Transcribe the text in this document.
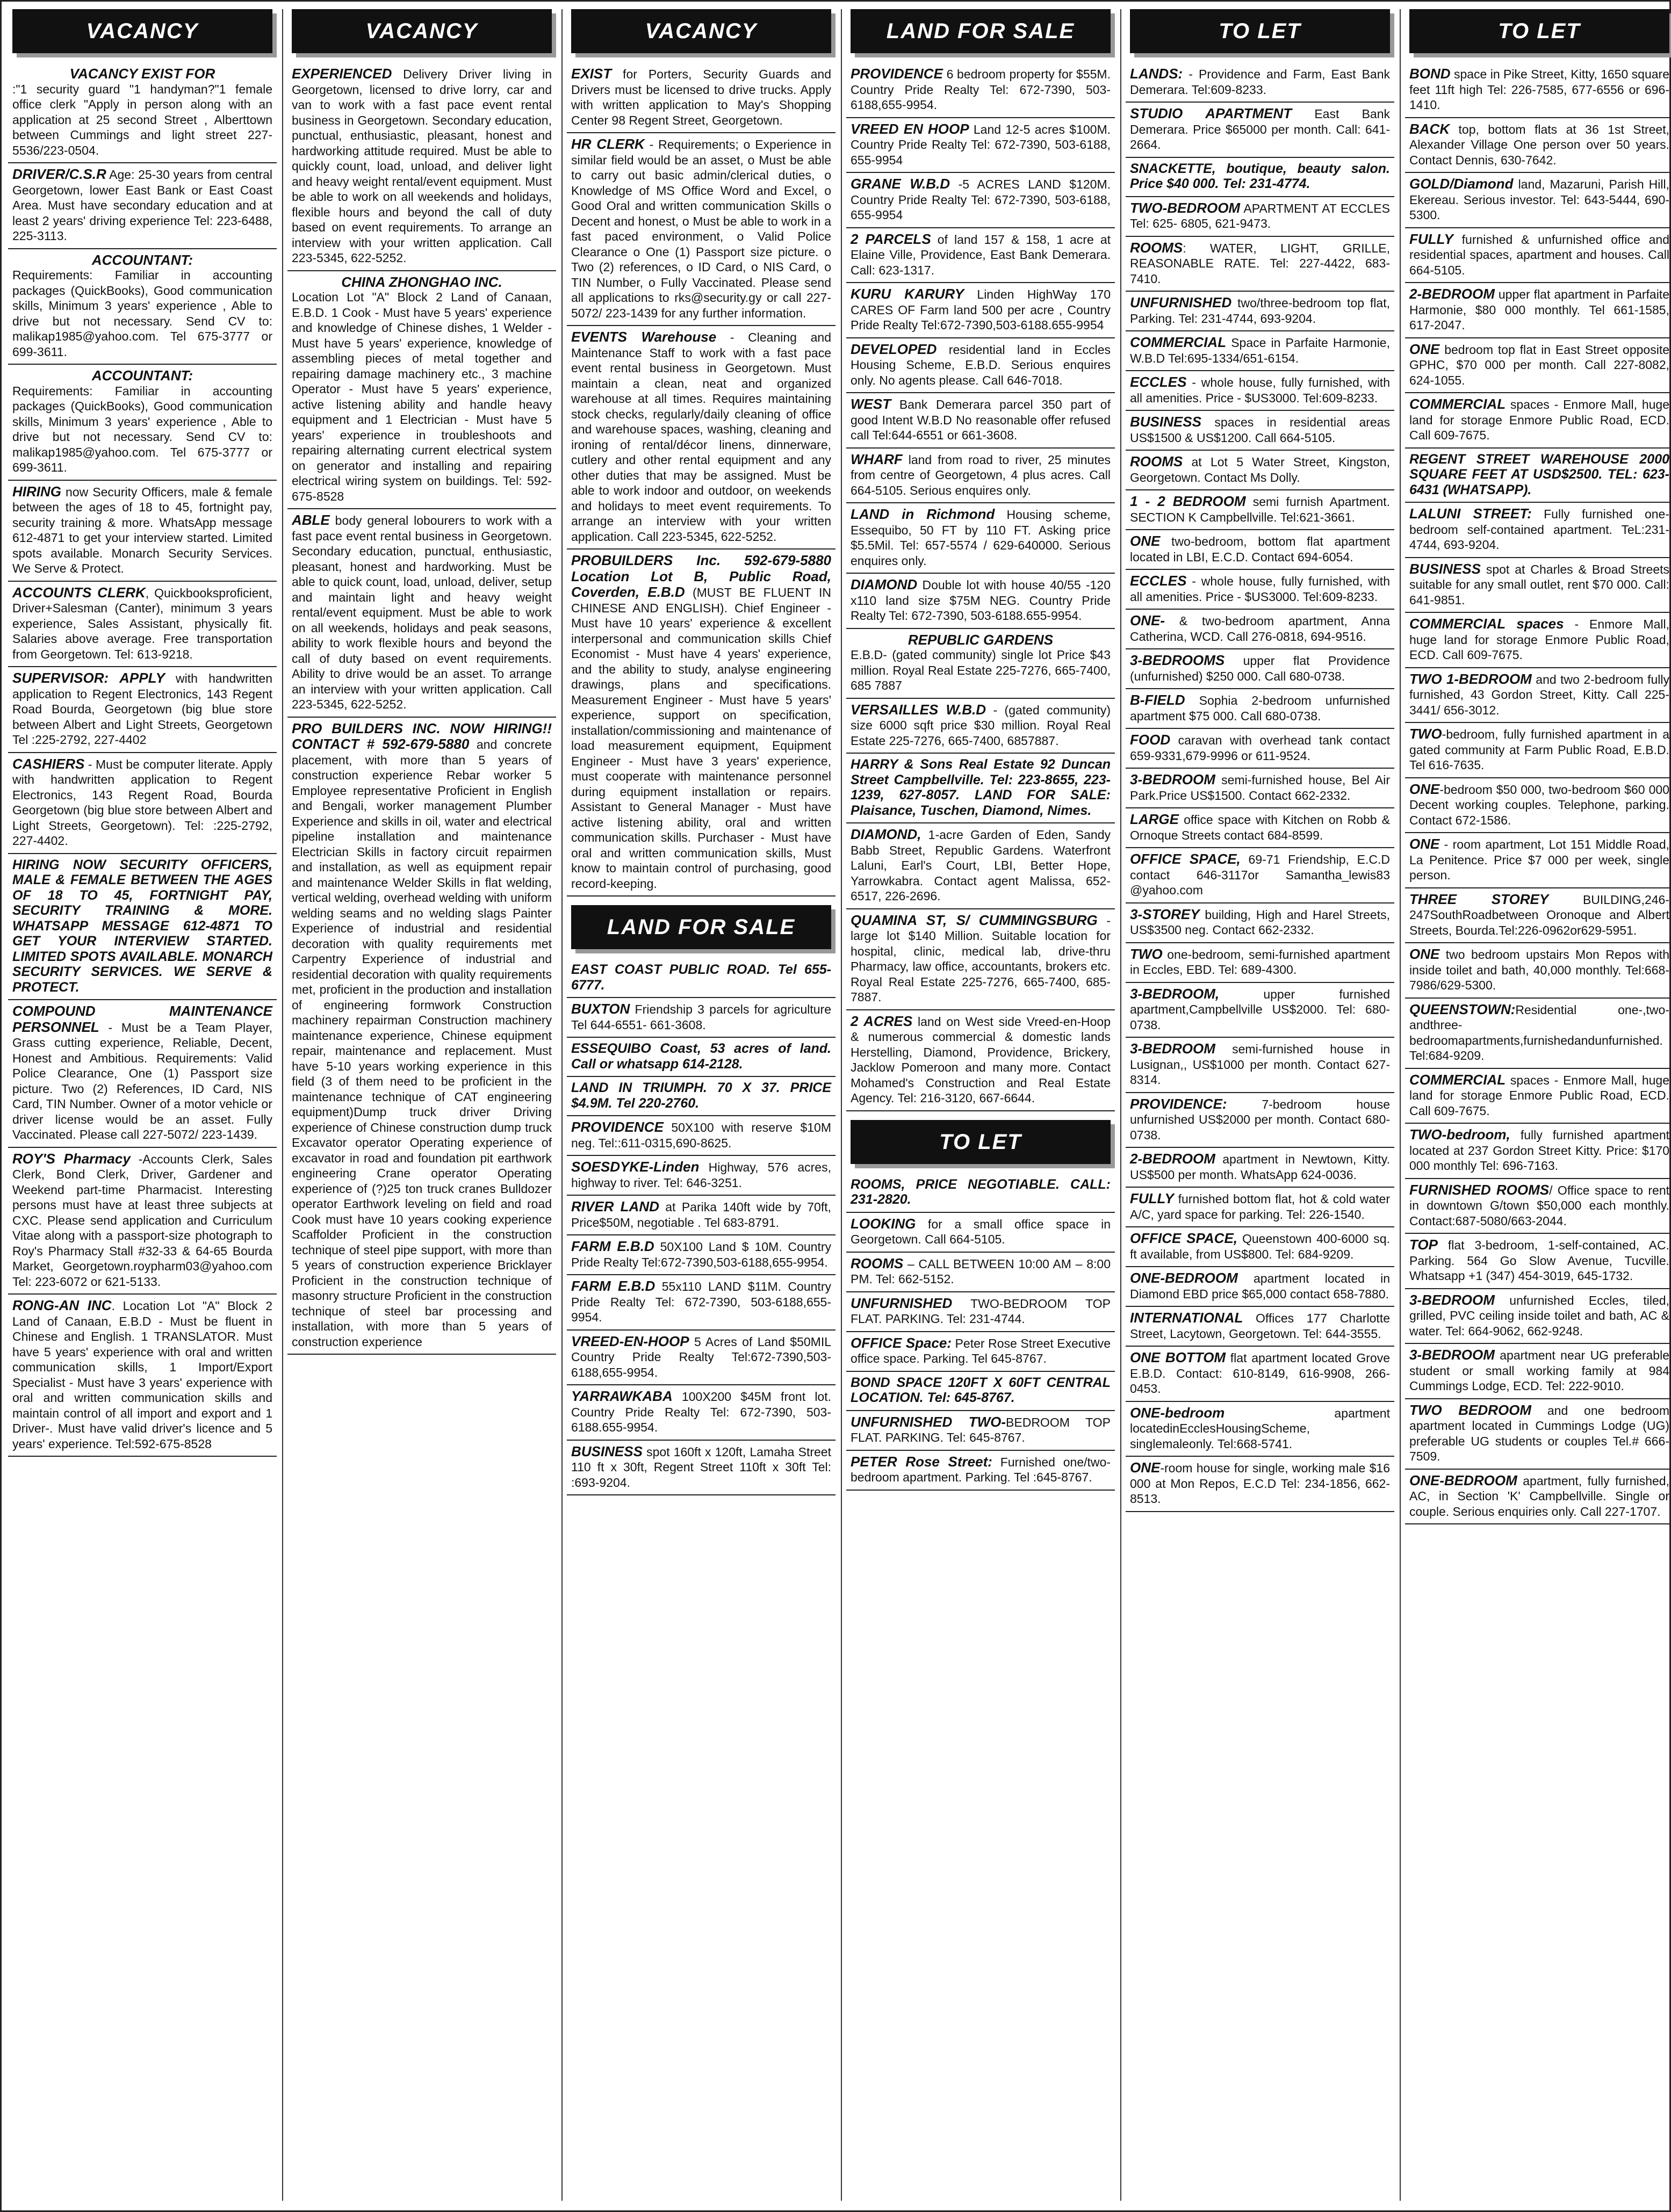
VACANCY
VACANCY EXIST FOR
:"1 security guard "1 handyman?"1 female office clerk "Apply in person along with an application at 25 second Street , Alberttown between Cummings and light street 227-5536/223-0504.
DRIVER/C.S.R Age: 25-30 years from central Georgetown, lower East Bank or East Coast Area. Must have secondary education and at least 2 years' driving experience Tel: 223-6488, 225-3113.
ACCOUNTANT:
Requirements: Familiar in accounting packages (QuickBooks), Good communication skills, Minimum 3 years' experience , Able to drive but not necessary. Send CV to: malikap1985@yahoo.com. Tel 675-3777 or 699-3611.
ACCOUNTANT:
Requirements: Familiar in accounting packages (QuickBooks), Good communication skills, Minimum 3 years' experience , Able to drive but not necessary. Send CV to: malikap1985@yahoo.com. Tel 675-3777 or 699-3611.
HIRING now Security Officers, male & female between the ages of 18 to 45, fortnight pay, security training & more. WhatsApp message 612-4871 to get your interview started. Limited spots available. Monarch Security Services. We Serve & Protect.
ACCOUNTS CLERK, Quickbooksproficient, Driver+Salesman (Canter), minimum 3 years experience, Sales Assistant, physically fit. Salaries above average. Free transportation from Georgetown. Tel: 613-9218.
SUPERVISOR: APPLY with handwritten application to Regent Electronics, 143 Regent Road Bourda, Georgetown (big blue store between Albert and Light Streets, Georgetown Tel :225-2792, 227-4402
CASHIERS - Must be computer literate. Apply with handwritten application to Regent Electronics, 143 Regent Road, Bourda Georgetown (big blue store between Albert and Light Streets, Georgetown). Tel: :225-2792, 227-4402.
HIRING NOW SECURITY OFFICERS, MALE & FEMALE BETWEEN THE AGES OF 18 TO 45, FORTNIGHT PAY, SECURITY TRAINING & MORE. WHATSAPP MESSAGE 612-4871 TO GET YOUR INTERVIEW STARTED. LIMITED SPOTS AVAILABLE. MONARCH SECURITY SERVICES. WE SERVE & PROTECT.
COMPOUND MAINTENANCE PERSONNEL - Must be a Team Player, Grass cutting experience, Reliable, Decent, Honest and Ambitious. Requirements: Valid Police Clearance, One (1) Passport size picture. Two (2) References, ID Card, NIS Card, TIN Number. Owner of a motor vehicle or driver license would be an asset. Fully Vaccinated. Please call 227-5072/ 223-1439.
ROY'S Pharmacy -Accounts Clerk, Sales Clerk, Bond Clerk, Driver, Gardener and Weekend part-time Pharmacist. Interesting persons must have at least three subjects at CXC. Please send application and Curriculum Vitae along with a passport-size photograph to Roy's Pharmacy Stall #32-33 & 64-65 Bourda Market, Georgetown.roypharm03@yahoo.com Tel: 223-6072 or 621-5133.
RONG-AN INC. Location Lot "A" Block 2 Land of Canaan, E.B.D - Must be fluent in Chinese and English. 1 TRANSLATOR. Must have 5 years' experience with oral and written communication skills, 1 Import/Export Specialist - Must have 3 years' experience with oral and written communication skills and maintain control of all import and export and 1 Driver-. Must have valid driver's licence and 5 years' experience. Tel:592-675-8528
VACANCY
EXPERIENCED Delivery Driver living in Georgetown, licensed to drive lorry, car and van to work with a fast pace event rental business in Georgetown. Secondary education, punctual, enthusiastic, pleasant, honest and hardworking attitude required. Must be able to quickly count, load, unload, and deliver light and heavy weight rental/event equipment. Must be able to work on all weekends and holidays, flexible hours and beyond the call of duty based on event requirements. To arrange an interview with your written application. Call 223-5345, 622-5252.
CHINA ZHONGHAO INC.
Location Lot "A" Block 2 Land of Canaan, E.B.D. 1 Cook - Must have 5 years' experience and knowledge of Chinese dishes, 1 Welder - Must have 5 years' experience, knowledge of assembling pieces of metal together and repairing damage machinery etc., 3 machine Operator - Must have 5 years' experience, active listening ability and handle heavy equipment and 1 Electrician - Must have 5 years' experience in troubleshoots and repairing alternating current electrical system on generator and installing and repairing electrical wiring system on buildings. Tel: 592-675-8528
ABLE body general lobourers to work with a fast pace event rental business in Georgetown. Secondary education, punctual, enthusiastic, pleasant, honest and hardworking. Must be able to quick count, load, unload, deliver, setup and maintain light and heavy weight rental/event equipment. Must be able to work on all weekends, holidays and peak seasons, ability to work flexible hours and beyond the call of duty based on event requirements. Ability to drive would be an asset. To arrange an interview with your written application. Call 223-5345, 622-5252.
PRO BUILDERS INC. NOW HIRING!! CONTACT # 592-679-5880 and concrete placement, with more than 5 years of construction experience Rebar worker 5 Employee representative Proficient in English and Bengali, worker management Plumber Experience and skills in oil, water and electrical pipeline installation and maintenance Electrician Skills in factory circuit repairmen and installation, as well as equipment repair and maintenance Welder Skills in flat welding, vertical welding, overhead welding with uniform welding seams and no welding slags Painter Experience of industrial and residential decoration with quality requirements met Carpentry Experience of industrial and residential decoration with quality requirements met, proficient in the production and installation of engineering formwork Construction machinery repairman Construction machinery maintenance experience, Chinese equipment repair, maintenance and replacement. Must have 5-10 years working experience in this field (3 of them need to be proficient in the maintenance technique of CAT engineering equipment)Dump truck driver Driving experience of Chinese construction dump truck Excavator operator Operating experience of excavator in road and foundation pit earthwork engineering Crane operator Operating experience of (?)25 ton truck cranes Bulldozer operator Earthwork leveling on field and road Cook must have 10 years cooking experience Scaffolder Proficient in the construction technique of steel pipe support, with more than 5 years of construction experience Bricklayer Proficient in the construction technique of masonry structure Proficient in the construction technique of steel bar processing and installation, with more than 5 years of construction experience
VACANCY
EXIST for Porters, Security Guards and Drivers must be licensed to drive trucks. Apply with written application to May's Shopping Center 98 Regent Street, Georgetown.
HR CLERK - Requirements; o Experience in similar field would be an asset, o Must be able to carry out basic admin/clerical duties, o Knowledge of MS Office Word and Excel, o Good Oral and written communication Skills o Decent and honest, o Must be able to work in a fast paced environment, o Valid Police Clearance o One (1) Passport size picture. o Two (2) references, o ID Card, o NIS Card, o TIN Number, o Fully Vaccinated. Please send all applications to rks@security.gy or call 227-5072/ 223-1439 for any further information.
EVENTS Warehouse - Cleaning and Maintenance Staff to work with a fast pace event rental business in Georgetown. Must maintain a clean, neat and organized warehouse at all times. Requires maintaining stock checks, regularly/daily cleaning of office and warehouse spaces, washing, cleaning and ironing of rental/décor linens, dinnerware, cutlery and other rental equipment and any other duties that may be assigned. Must be able to work indoor and outdoor, on weekends and holidays to meet event requirements. To arrange an interview with your written application. Call 223-5345, 622-5252.
PROBUILDERS Inc. 592-679-5880 Location Lot B, Public Road, Coverden, E.B.D (MUST BE FLUENT IN CHINESE AND ENGLISH). Chief Engineer - Must have 10 years' experience & excellent interpersonal and communication skills Chief Economist - Must have 4 years' experience, and the ability to study, analyse engineering drawings, plans and specifications. Measurement Engineer - Must have 5 years' experience, support on specification, installation/commissioning and maintenance of load measurement equipment, Equipment Engineer - Must have 3 years' experience, must cooperate with maintenance personnel during equipment installation or repairs. Assistant to General Manager - Must have active listening ability, oral and written communication skills. Purchaser - Must have oral and written communication skills, Must know to maintain control of purchasing, good record-keeping.
LAND FOR SALE
EAST COAST PUBLIC ROAD. Tel 655-6777.
BUXTON Friendship 3 parcels for agriculture Tel 644-6551- 661-3608.
ESSEQUIBO Coast, 53 acres of land. Call or whatsapp 614-2128.
LAND IN TRIUMPH. 70 X 37. PRICE $4.9M. Tel 220-2760.
PROVIDENCE 50X100 with reserve $10M neg. Tel::611-0315,690-8625.
SOESDYKE-Linden Highway, 576 acres, highway to river. Tel: 646-3251.
RIVER LAND at Parika 140ft wide by 70ft, Price$50M, negotiable . Tel 683-8791.
FARM E.B.D 50X100 Land $ 10M. Country Pride Realty Tel:672-7390,503-6188,655-9954.
FARM E.B.D 55x110 LAND $11M. Country Pride Realty Tel: 672-7390, 503-6188,655-9954.
VREED-EN-HOOP 5 Acres of Land $50MIL Country Pride Realty Tel:672-7390,503-6188,655-9954.
YARRAWKABA 100X200 $45M front lot. Country Pride Realty Tel: 672-7390, 503-6188.655-9954.
BUSINESS spot 160ft x 120ft, Lamaha Street 110 ft x 30ft, Regent Street 110ft x 30ft Tel: :693-9204.
LAND FOR SALE
PROVIDENCE 6 bedroom property for $55M. Country Pride Realty Tel: 672-7390, 503-6188,655-9954.
VREED EN HOOP Land 12-5 acres $100M. Country Pride Realty Tel: 672-7390, 503-6188, 655-9954
GRANE W.B.D -5 ACRES LAND $120M. Country Pride Realty Tel: 672-7390, 503-6188, 655-9954
2 PARCELS of land 157 & 158, 1 acre at Elaine Ville, Providence, East Bank Demerara. Call: 623-1317.
KURU KARURY Linden HighWay 170 CARES OF Farm land 500 per acre , Country Pride Realty Tel:672-7390,503-6188.655-9954
DEVELOPED residential land in Eccles Housing Scheme, E.B.D. Serious enquires only. No agents please. Call 646-7018.
WEST Bank Demerara parcel 350 part of good Intent W.B.D No reasonable offer refused call Tel:644-6551 or 661-3608.
WHARF land from road to river, 25 minutes from centre of Georgetown, 4 plus acres. Call 664-5105. Serious enquires only.
LAND in Richmond Housing scheme, Essequibo, 50 FT by 110 FT. Asking price $5.5Mil. Tel: 657-5574 / 629-640000. Serious enquires only.
DIAMOND Double lot with house 40/55 -120 x110 land size $75M NEG. Country Pride Realty Tel: 672-7390, 503-6188.655-9954.
REPUBLIC GARDENS
E.B.D- (gated community) single lot Price $43 million. Royal Real Estate 225-7276, 665-7400, 685 7887
VERSAILLES W.B.D - (gated community) size 6000 sqft price $30 million. Royal Real Estate 225-7276, 665-7400, 6857887.
HARRY & Sons Real Estate 92 Duncan Street Campbellville. Tel: 223-8655, 223-1239, 627-8057. LAND FOR SALE: Plaisance, Tuschen, Diamond, Nimes.
DIAMOND, 1-acre Garden of Eden, Sandy Babb Street, Republic Gardens. Waterfront Laluni, Earl's Court, LBI, Better Hope, Yarrowkabra. Contact agent Malissa, 652-6517, 226-2696.
QUAMINA ST, S/ CUMMINGSBURG - large lot $140 Million. Suitable location for hospital, clinic, medical lab, drive-thru Pharmacy, law office, accountants, brokers etc. Royal Real Estate 225-7276, 665-7400, 685-7887.
2 ACRES land on West side Vreed-en-Hoop & numerous commercial & domestic lands Herstelling, Diamond, Providence, Brickery, Jacklow Pomeroon and many more. Contact Mohamed's Construction and Real Estate Agency. Tel: 216-3120, 667-6644.
TO LET
ROOMS, PRICE NEGOTIABLE. CALL: 231-2820.
LOOKING for a small office space in Georgetown. Call 664-5105.
ROOMS – CALL BETWEEN 10:00 AM – 8:00 PM. Tel: 662-5152.
UNFURNISHED TWO-BEDROOM TOP FLAT. PARKING. Tel: 231-4744.
OFFICE Space: Peter Rose Street Executive office space. Parking. Tel 645-8767.
BOND SPACE 120FT X 60FT CENTRAL LOCATION. Tel: 645-8767.
UNFURNISHED TWO-BEDROOM TOP FLAT. PARKING. Tel: 645-8767.
PETER Rose Street: Furnished one/two-bedroom apartment. Parking. Tel :645-8767.
TO LET
LANDS: - Providence and Farm, East Bank Demerara. Tel:609-8233.
STUDIO APARTMENT East Bank Demerara. Price $65000 per month. Call: 641-2664.
SNACKETTE, boutique, beauty salon. Price $40 000. Tel: 231-4774.
TWO-BEDROOM APARTMENT AT ECCLES Tel: 625- 6805, 621-9473.
ROOMS: WATER, LIGHT, GRILLE, REASONABLE RATE. Tel: 227-4422, 683-7410.
UNFURNISHED two/three-bedroom top flat, Parking. Tel: 231-4744, 693-9204.
COMMERCIAL Space in Parfaite Harmonie, W.B.D Tel:695-1334/651-6154.
ECCLES - whole house, fully furnished, with all amenities. Price - $US3000. Tel:609-8233.
BUSINESS spaces in residential areas US$1500 & US$1200. Call 664-5105.
ROOMS at Lot 5 Water Street, Kingston, Georgetown. Contact Ms Dolly.
1 - 2 BEDROOM semi furnish Apartment. SECTION K Campbellville. Tel:621-3661.
ONE two-bedroom, bottom flat apartment located in LBI, E.C.D. Contact 694-6054.
ECCLES - whole house, fully furnished, with all amenities. Price - $US3000. Tel:609-8233.
ONE- & two-bedroom apartment, Anna Catherina, WCD. Call 276-0818, 694-9516.
3-BEDROOMS upper flat Providence (unfurnished) $250 000. Call 680-0738.
B-FIELD Sophia 2-bedroom unfurnished apartment $75 000. Call 680-0738.
FOOD caravan with overhead tank contact 659-9331,679-9996 or 611-9524.
3-BEDROOM semi-furnished house, Bel Air Park.Price US$1500. Contact 662-2332.
LARGE office space with Kitchen on Robb & Ornoque Streets contact 684-8599.
OFFICE SPACE, 69-71 Friendship, E.C.D contact 646-3117or Samantha_lewis83 @yahoo.com
3-STOREY building, High and Harel Streets, US$3500 neg. Contact 662-2332.
TWO one-bedroom, semi-furnished apartment in Eccles, EBD. Tel: 689-4300.
3-BEDROOM, upper furnished apartment,Campbellville US$2000. Tel: 680-0738.
3-BEDROOM semi-furnished house in Lusignan,, US$1000 per month. Contact 627-8314.
PROVIDENCE: 7-bedroom house unfurnished US$2000 per month. Contact 680-0738.
2-BEDROOM apartment in Newtown, Kitty. US$500 per month. WhatsApp 624-0036.
FULLY furnished bottom flat, hot & cold water A/C, yard space for parking. Tel: 226-1540.
OFFICE SPACE, Queenstown 400-6000 sq. ft available, from US$800. Tel: 684-9209.
ONE-BEDROOM apartment located in Diamond EBD price $65,000 contact 658-7880.
INTERNATIONAL Offices 177 Charlotte Street, Lacytown, Georgetown. Tel: 644-3555.
ONE BOTTOM flat apartment located Grove E.B.D. Contact: 610-8149, 616-9908, 266-0453.
ONE-bedroom apartment locatedinEcclesHousingScheme, singlemaleonly. Tel:668-5741.
ONE-room house for single, working male $16 000 at Mon Repos, E.C.D Tel: 234-1856, 662-8513.
TO LET
BOND space in Pike Street, Kitty, 1650 square feet 11ft high Tel: 226-7585, 677-6556 or 696-1410.
BACK top, bottom flats at 36 1st Street, Alexander Village One person over 50 years. Contact Dennis, 630-7642.
GOLD/Diamond land, Mazaruni, Parish Hill, Ekereau. Serious investor. Tel: 643-5444, 690-5300.
FULLY furnished & unfurnished office and residential spaces, apartment and houses. Call 664-5105.
2-BEDROOM upper flat apartment in Parfaite Harmonie, $80 000 monthly. Tel 661-1585, 617-2047.
ONE bedroom top flat in East Street opposite GPHC, $70 000 per month. Call 227-8082, 624-1055.
COMMERCIAL spaces - Enmore Mall, huge land for storage Enmore Public Road, ECD. Call 609-7675.
REGENT STREET WAREHOUSE 2000 SQUARE FEET AT USD$2500. TEL: 623-6431 (WHATSAPP).
LALUNI STREET: Fully furnished one-bedroom self-contained apartment. TeL:231-4744, 693-9204.
BUSINESS spot at Charles & Broad Streets suitable for any small outlet, rent $70 000. Call: 641-9851.
COMMERCIAL spaces - Enmore Mall, huge land for storage Enmore Public Road, ECD. Call 609-7675.
TWO 1-BEDROOM and two 2-bedroom fully furnished, 43 Gordon Street, Kitty. Call 225- 3441/ 656-3012.
TWO-bedroom, fully furnished apartment in a gated community at Farm Public Road, E.B.D. Tel 616-7635.
ONE-bedroom $50 000, two-bedroom $60 000 Decent working couples. Telephone, parking. Contact 672-1586.
ONE - room apartment, Lot 151 Middle Road, La Penitence. Price $7 000 per week, single person.
THREE STOREY BUILDING,246-247SouthRoadbetween Oronoque and Albert Streets, Bourda.Tel:226-0962or629-5951.
ONE two bedroom upstairs Mon Repos with inside toilet and bath, 40,000 monthly. Tel:668-7986/629-5300.
QUEENSTOWN:Residential one-,two-andthree-bedroomapartments,furnishedandunfurnished. Tel:684-9209.
COMMERCIAL spaces - Enmore Mall, huge land for storage Enmore Public Road, ECD. Call 609-7675.
TWO-bedroom, fully furnished apartment located at 237 Gordon Street Kitty. Price: $170 000 monthly Tel: 696-7163.
FURNISHED ROOMS/ Office space to rent in downtown G/town $50,000 each monthly. Contact:687-5080/663-2044.
TOP flat 3-bedroom, 1-self-contained, AC. Parking. 564 Go Slow Avenue, Tucville. Whatsapp +1 (347) 454-3019, 645-1732.
3-BEDROOM unfurnished Eccles, tiled, grilled, PVC ceiling inside toilet and bath, AC & water. Tel: 664-9062, 662-9248.
3-BEDROOM apartment near UG preferable student or small working family at 984 Cummings Lodge, ECD. Tel: 222-9010.
TWO BEDROOM and one bedroom apartment located in Cummings Lodge (UG) preferable UG students or couples Tel.# 666-7509.
ONE-BEDROOM apartment, fully furnished, AC, in Section 'K' Campbellville. Single or couple. Serious enquiries only. Call 227-1707.
